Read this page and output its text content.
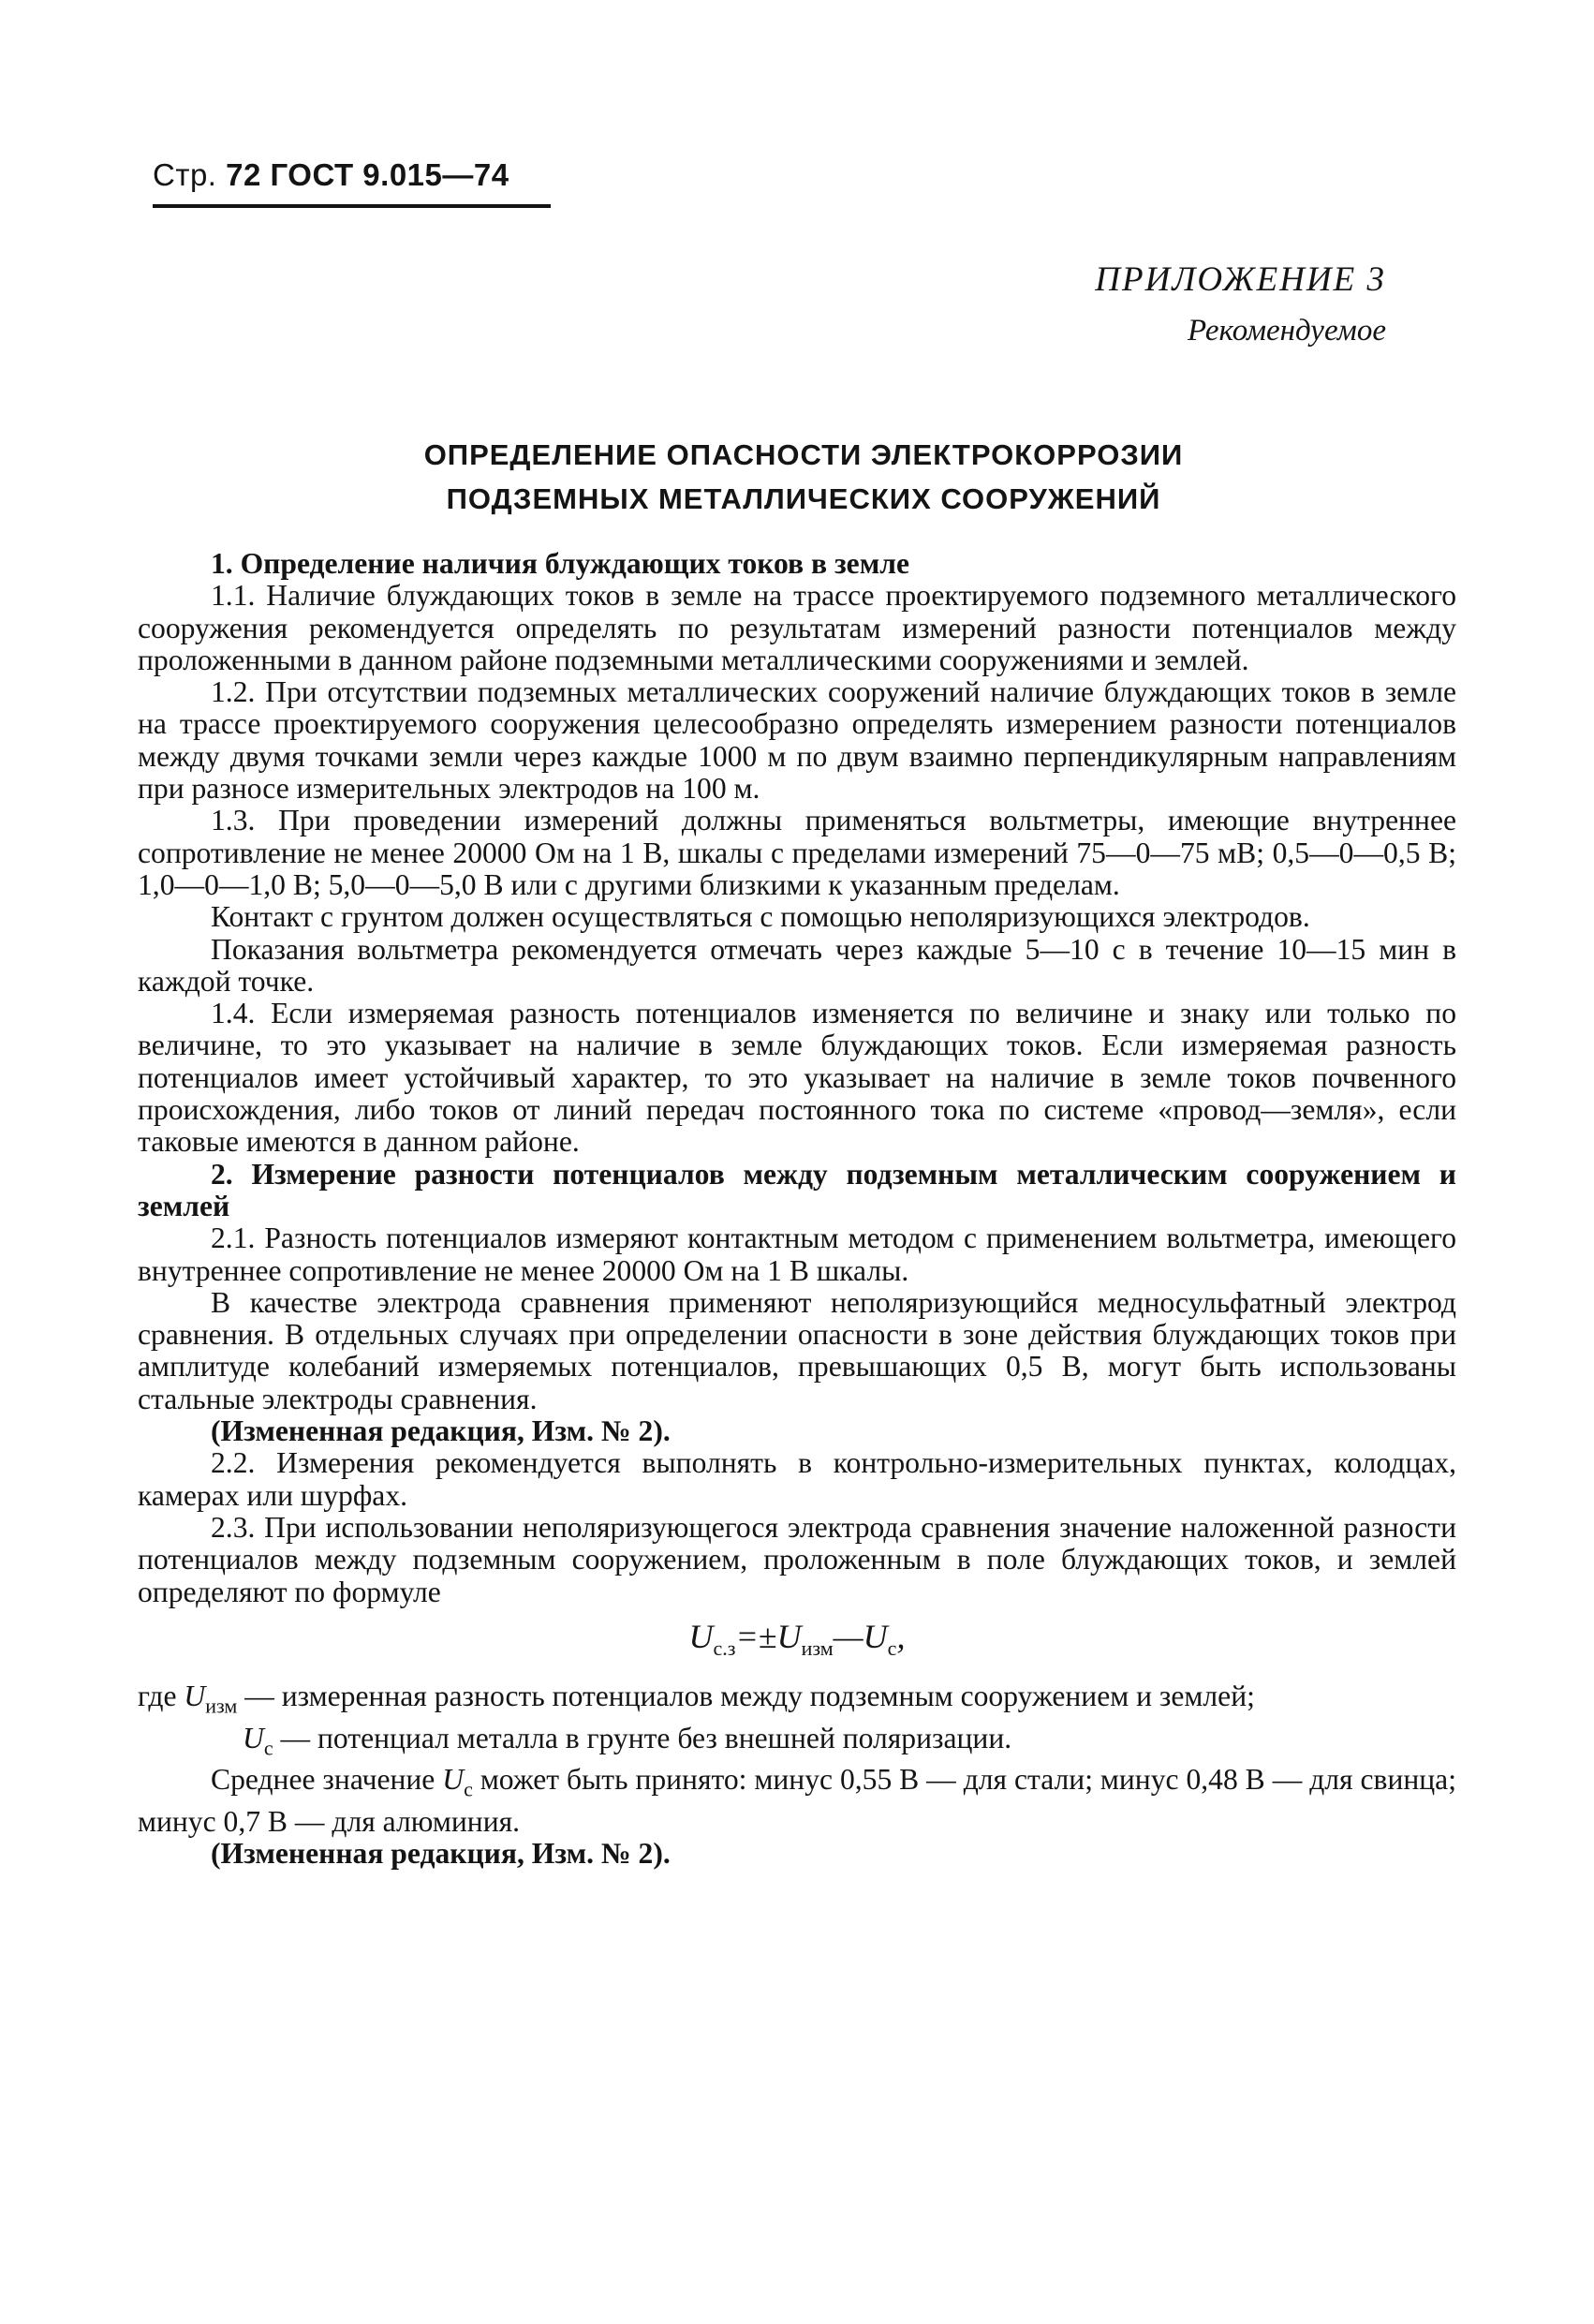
Стр. 72 ГОСТ 9.015—74
ПРИЛОЖЕНИЕ 3
Рекомендуемое
ОПРЕДЕЛЕНИЕ ОПАСНОСТИ ЭЛЕКТРОКОРРОЗИИ
ПОДЗЕМНЫХ МЕТАЛЛИЧЕСКИХ СООРУЖЕНИЙ

1. Определение наличия блуждающих токов в земле

1.1. Наличие блуждающих токов в земле на трассе проектируемого подземного металлического сооружения рекомендуется определять по результатам измерений разности потенциалов между проложенными в данном районе подземными металлическими сооружениями и землей.

1.2. При отсутствии подземных металлических сооружений наличие блуждающих токов в земле на трассе проектируемого сооружения целесообразно определять измерением разности потенциалов между двумя точками земли через каждые 1000 м по двум взаимно перпендикулярным направлениям при разносе измерительных электродов на 100 м.

1.3. При проведении измерений должны применяться вольтметры, имеющие внутреннее сопротивление не менее 20000 Ом на 1 В, шкалы с пределами измерений 75—0—75 мВ; 0,5—0—0,5 В; 1,0—0—1,0 В; 5,0—0—5,0 В или с другими близкими к указанным пределам.

Контакт с грунтом должен осуществляться с помощью неполяризующихся электродов.

Показания вольтметра рекомендуется отмечать через каждые 5—10 с в течение 10—15 мин в каждой точке.

1.4. Если измеряемая разность потенциалов изменяется по величине и знаку или только по величине, то это указывает на наличие в земле блуждающих токов. Если измеряемая разность потенциалов имеет устойчивый характер, то это указывает на наличие в земле токов почвенного происхождения, либо токов от линий передач постоянного тока по системе «провод—земля», если таковые имеются в данном районе.

2. Измерение разности потенциалов между подземным металлическим сооружением и землей

2.1. Разность потенциалов измеряют контактным методом с применением вольтметра, имеющего внутреннее сопротивление не менее 20000 Ом на 1 В шкалы.

В качестве электрода сравнения применяют неполяризующийся медносульфатный электрод сравнения. В отдельных случаях при определении опасности в зоне действия блуждающих токов при амплитуде колебаний измеряемых потенциалов, превышающих 0,5 В, могут быть использованы стальные электроды сравнения.

(Измененная редакция, Изм. № 2).

2.2. Измерения рекомендуется выполнять в контрольно-измерительных пунктах, колодцах, камерах или шурфах.

2.3. При использовании неполяризующегося электрода сравнения значение наложенной разности потенциалов между подземным сооружением, проложенным в поле блуждающих токов, и землей определяют по формуле

$U_{с.з}=\pm U_{изм}—U_с$,
где $U_{изм}$ — измеренная разность потенциалов между подземным сооружением и землей;
$U_с$ — потенциал металла в грунте без внешней поляризации.

Среднее значение $U_с$ может быть принято: минус 0,55 В — для стали; минус 0,48 В — для свинца; минус 0,7 В — для алюминия.

(Измененная редакция, Изм. № 2).
